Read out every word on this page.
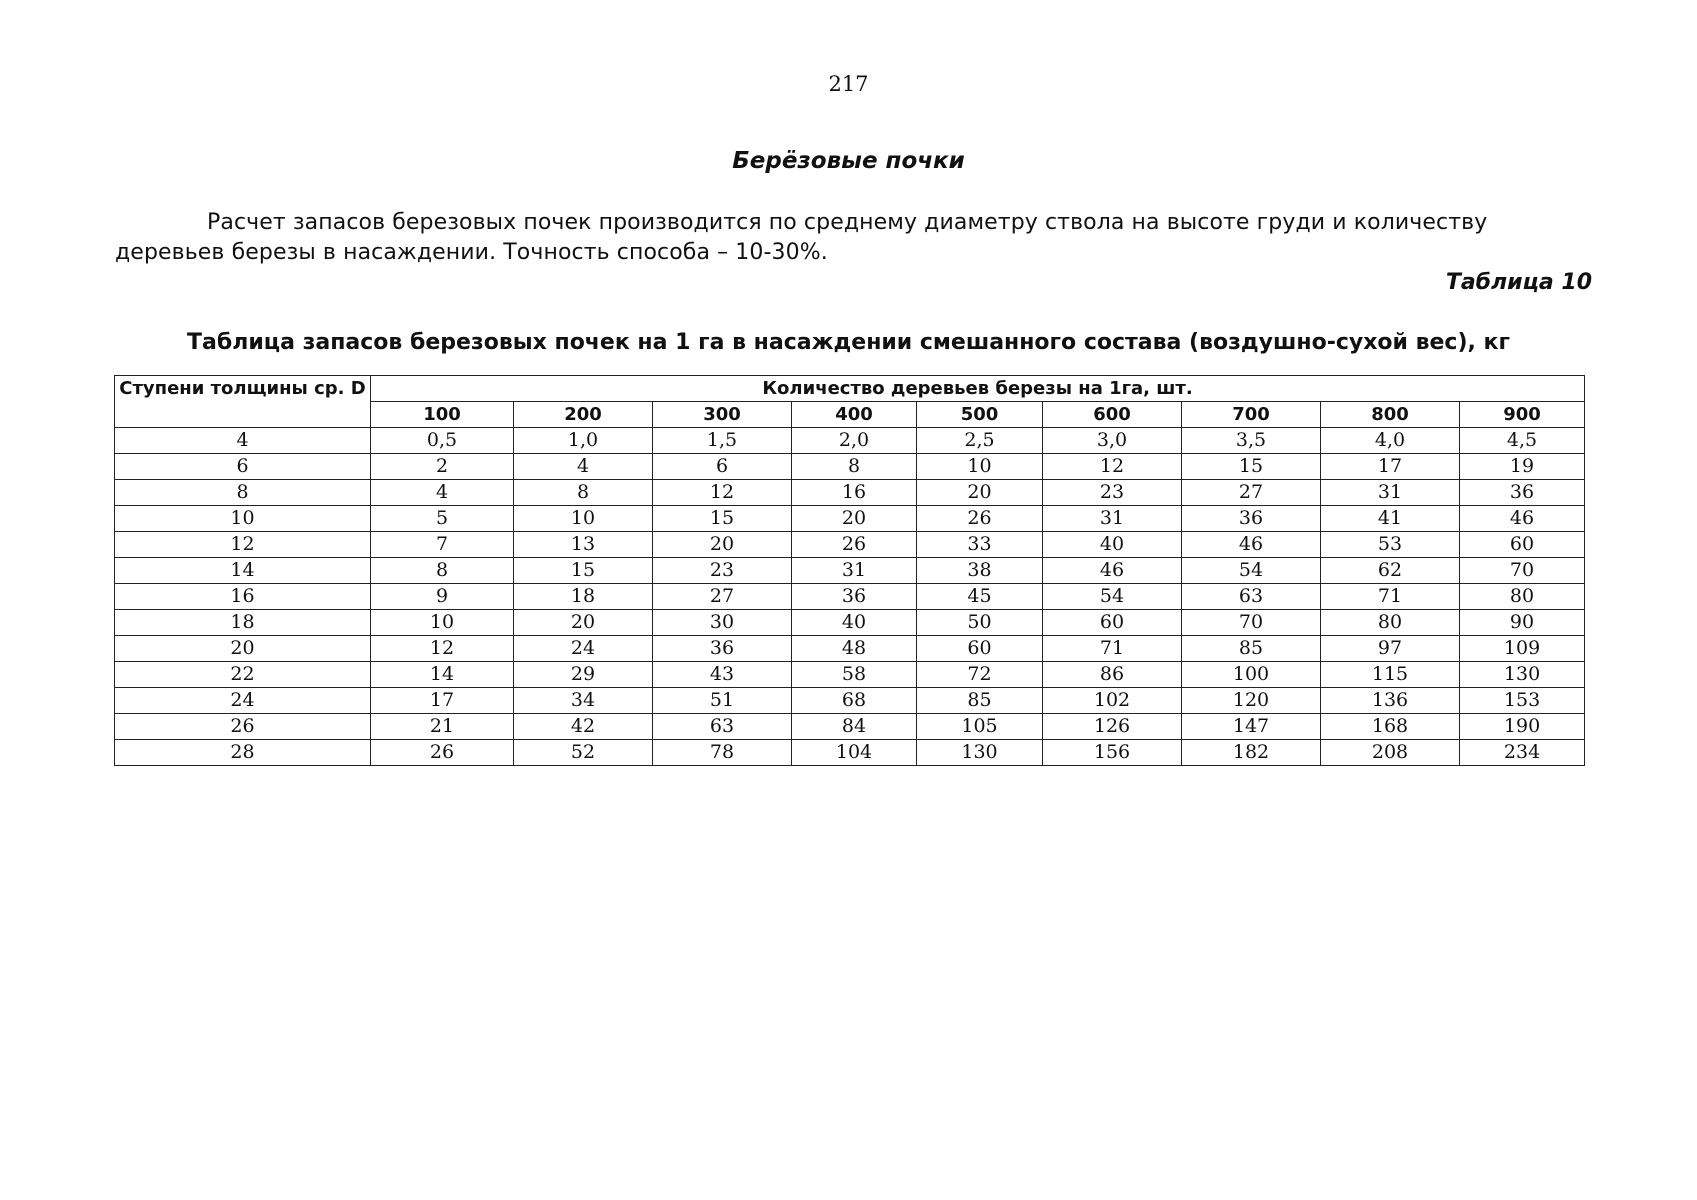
217
Берёзовые почки
Расчет запасов березовых почек производится по среднему диаметру ствола на высоте груди и количеству деревьев березы в насаждении. Точность способа – 10-30%.
Таблица 10
Таблица запасов березовых почек на 1 га в насаждении смешанного состава (воздушно-сухой вес), кг
Ступени толщины ср. D	Количество деревьев березы на 1га, шт.								
	100	200	300	400	500	600	700	800	900
4	0,5	1,0	1,5	2,0	2,5	3,0	3,5	4,0	4,5
6	2	4	6	8	10	12	15	17	19
8	4	8	12	16	20	23	27	31	36
10	5	10	15	20	26	31	36	41	46
12	7	13	20	26	33	40	46	53	60
14	8	15	23	31	38	46	54	62	70
16	9	18	27	36	45	54	63	71	80
18	10	20	30	40	50	60	70	80	90
20	12	24	36	48	60	71	85	97	109
22	14	29	43	58	72	86	100	115	130
24	17	34	51	68	85	102	120	136	153
26	21	42	63	84	105	126	147	168	190
28	26	52	78	104	130	156	182	208	234
